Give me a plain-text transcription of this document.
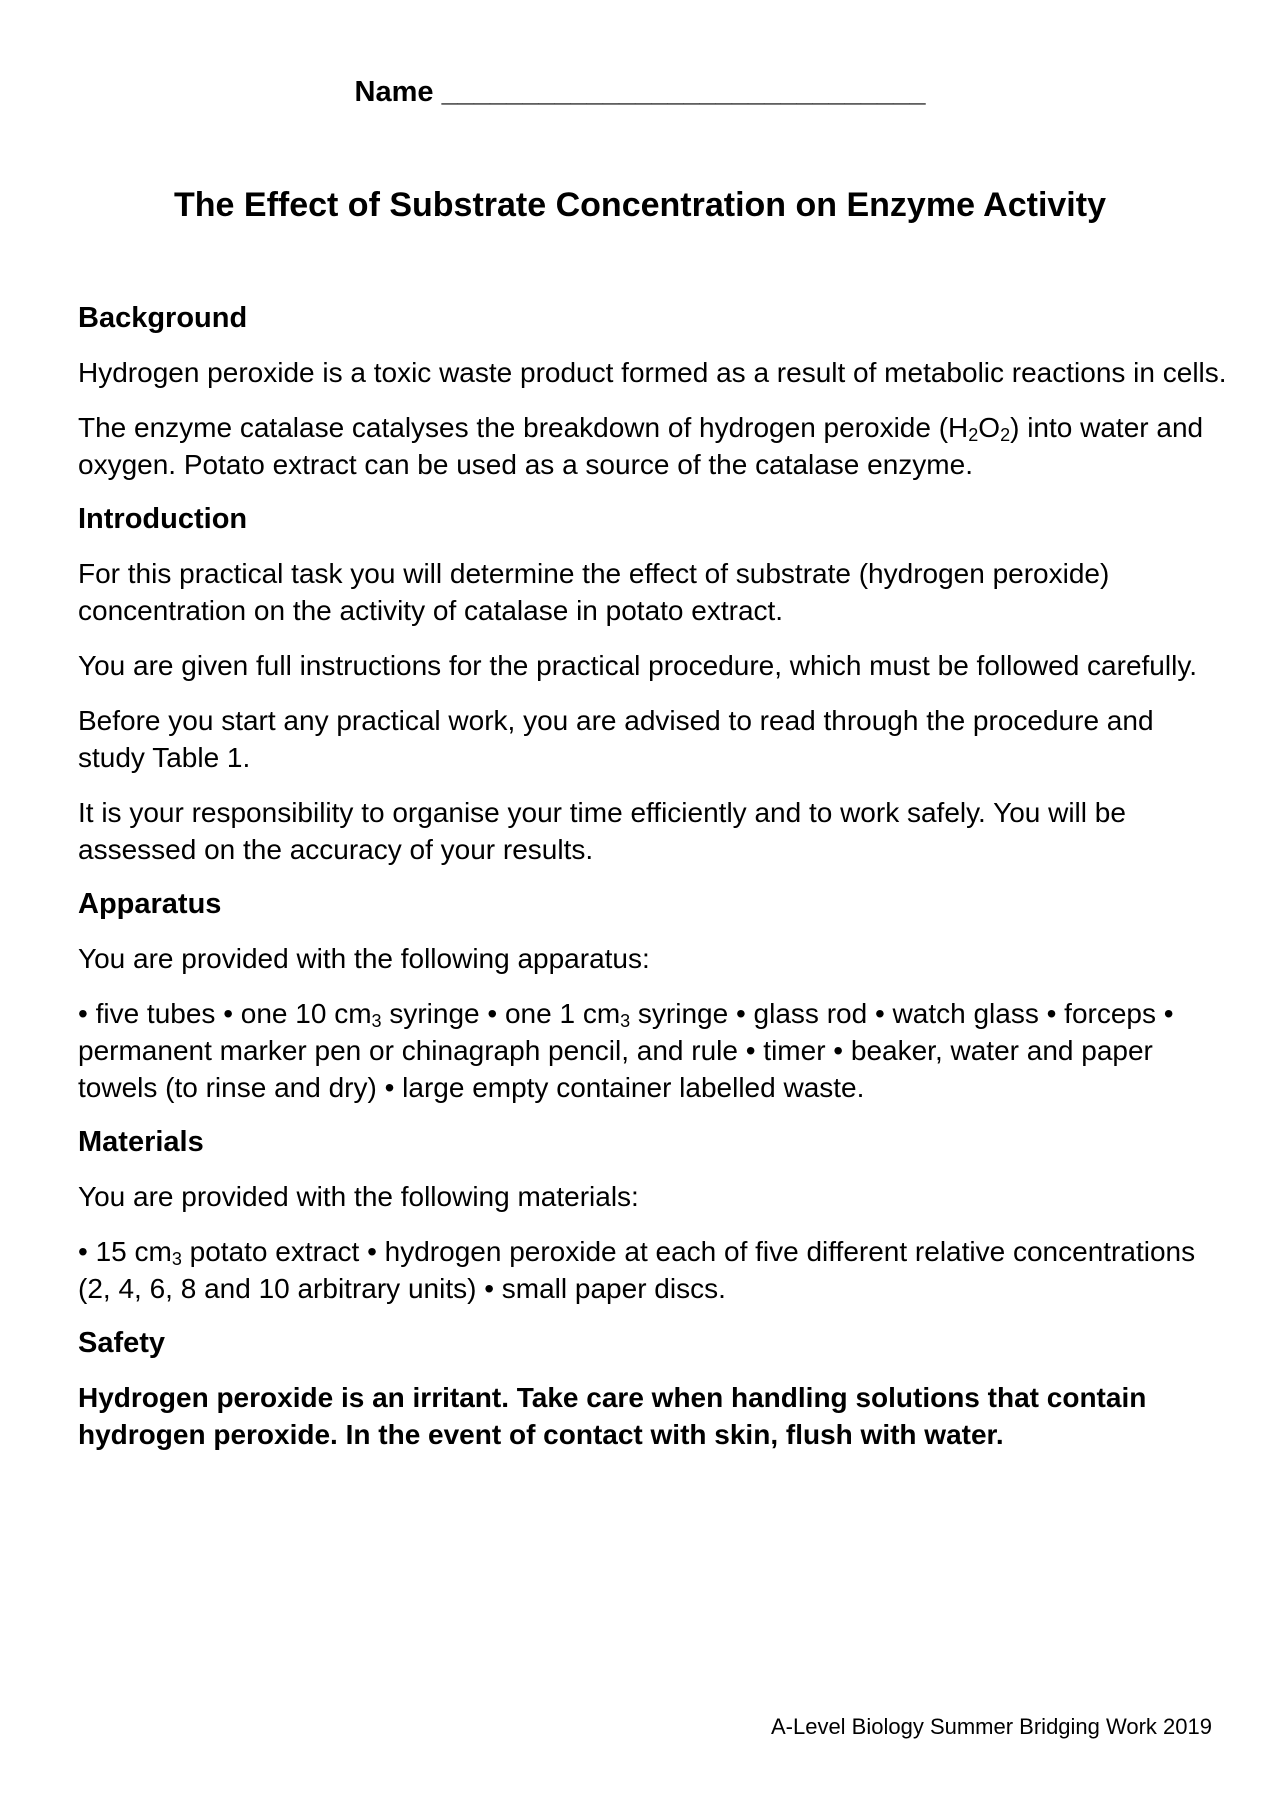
Name ______________________________
The Effect of Substrate Concentration on Enzyme Activity
Background

Hydrogen peroxide is a toxic waste product formed as a result of metabolic reactions in cells.

The enzyme catalase catalyses the breakdown of hydrogen peroxide $(H_2O_2)$ into water and oxygen. Potato extract can be used as a source of the catalase enzyme.

Introduction

For this practical task you will determine the effect of substrate (hydrogen peroxide) concentration on the activity of catalase in potato extract.

You are given full instructions for the practical procedure, which must be followed carefully.

Before you start any practical work, you are advised to read through the procedure and study Table 1.

It is your responsibility to organise your time efficiently and to work safely. You will be assessed on the accuracy of your results.

Apparatus

You are provided with the following apparatus:

• five tubes • one 10 $cm_3$ syringe • one 1 $cm_3$ syringe • glass rod • watch glass • forceps • permanent marker pen or chinagraph pencil, and rule • timer • beaker, water and paper towels (to rinse and dry) • large empty container labelled waste.

Materials

You are provided with the following materials:

• 15 $cm_3$ potato extract • hydrogen peroxide at each of five different relative concentrations (2, 4, 6, 8 and 10 arbitrary units) • small paper discs.

Safety

Hydrogen peroxide is an irritant. Take care when handling solutions that contain hydrogen peroxide. In the event of contact with skin, flush with water.

A-Level Biology Summer Bridging Work 2019
